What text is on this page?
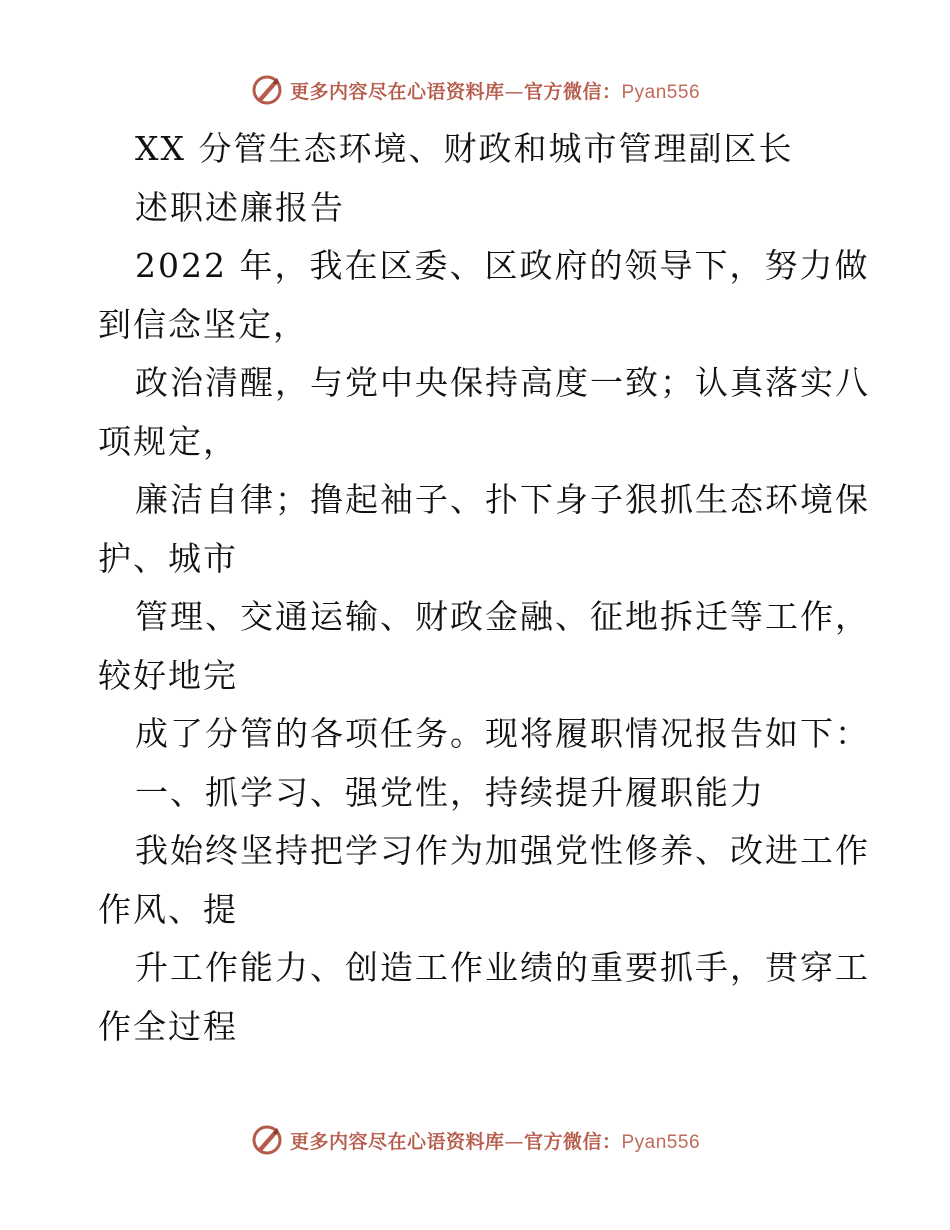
更多内容尽在心语资料库—官方微信：Pyan556
XX 分管生态环境、财政和城市管理副区长
述职述廉报告
2022 年，我在区委、区政府的领导下，努力做
到信念坚定，
政治清醒，与党中央保持高度一致；认真落实八
项规定，
廉洁自律；撸起袖子、扑下身子狠抓生态环境保
护、城市
管理、交通运输、财政金融、征地拆迁等工作，
较好地完
成了分管的各项任务。现将履职情况报告如下：
一、抓学习、强党性，持续提升履职能力
我始终坚持把学习作为加强党性修养、改进工作
作风、提
升工作能力、创造工作业绩的重要抓手，贯穿工
作全过程
更多内容尽在心语资料库—官方微信：Pyan556
